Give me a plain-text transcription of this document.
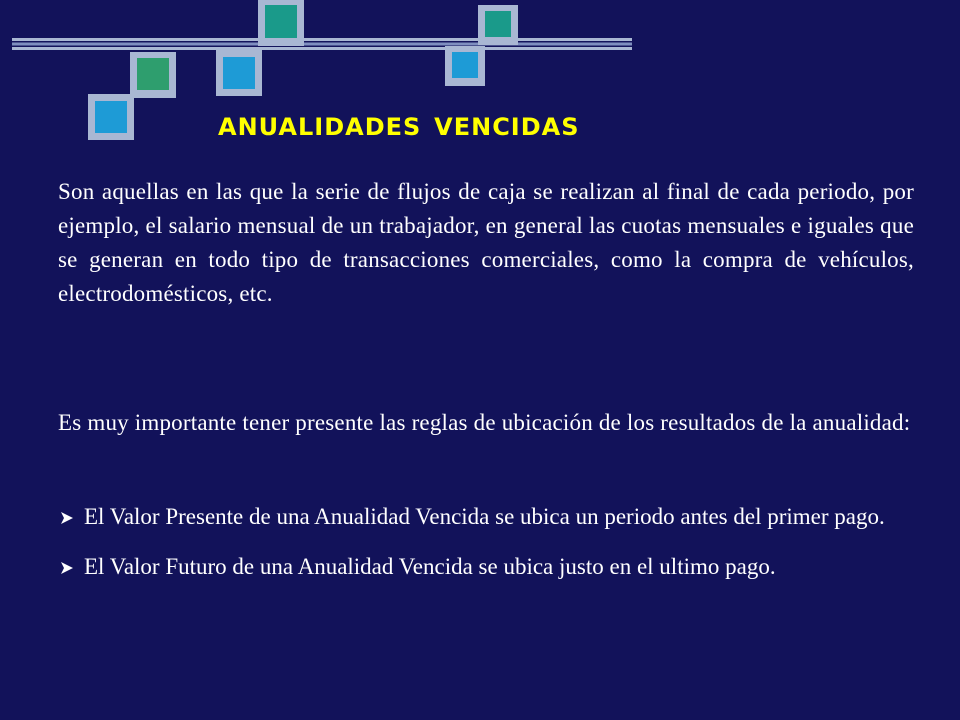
anualidades vencidas

Son aquellas en las que la serie de flujos de caja se realizan al final de cada periodo, por ejemplo, el salario mensual de un trabajador, en general las cuotas mensuales e iguales que se generan en todo tipo de transacciones comerciales, como la compra de vehículos, electrodomésticos, etc.

Es muy importante tener presente las reglas de ubicación de los resultados de la anualidad:

El Valor Presente de una Anualidad Vencida se ubica un periodo antes del primer pago.
El Valor Futuro de una Anualidad Vencida se ubica justo en el ultimo pago.
